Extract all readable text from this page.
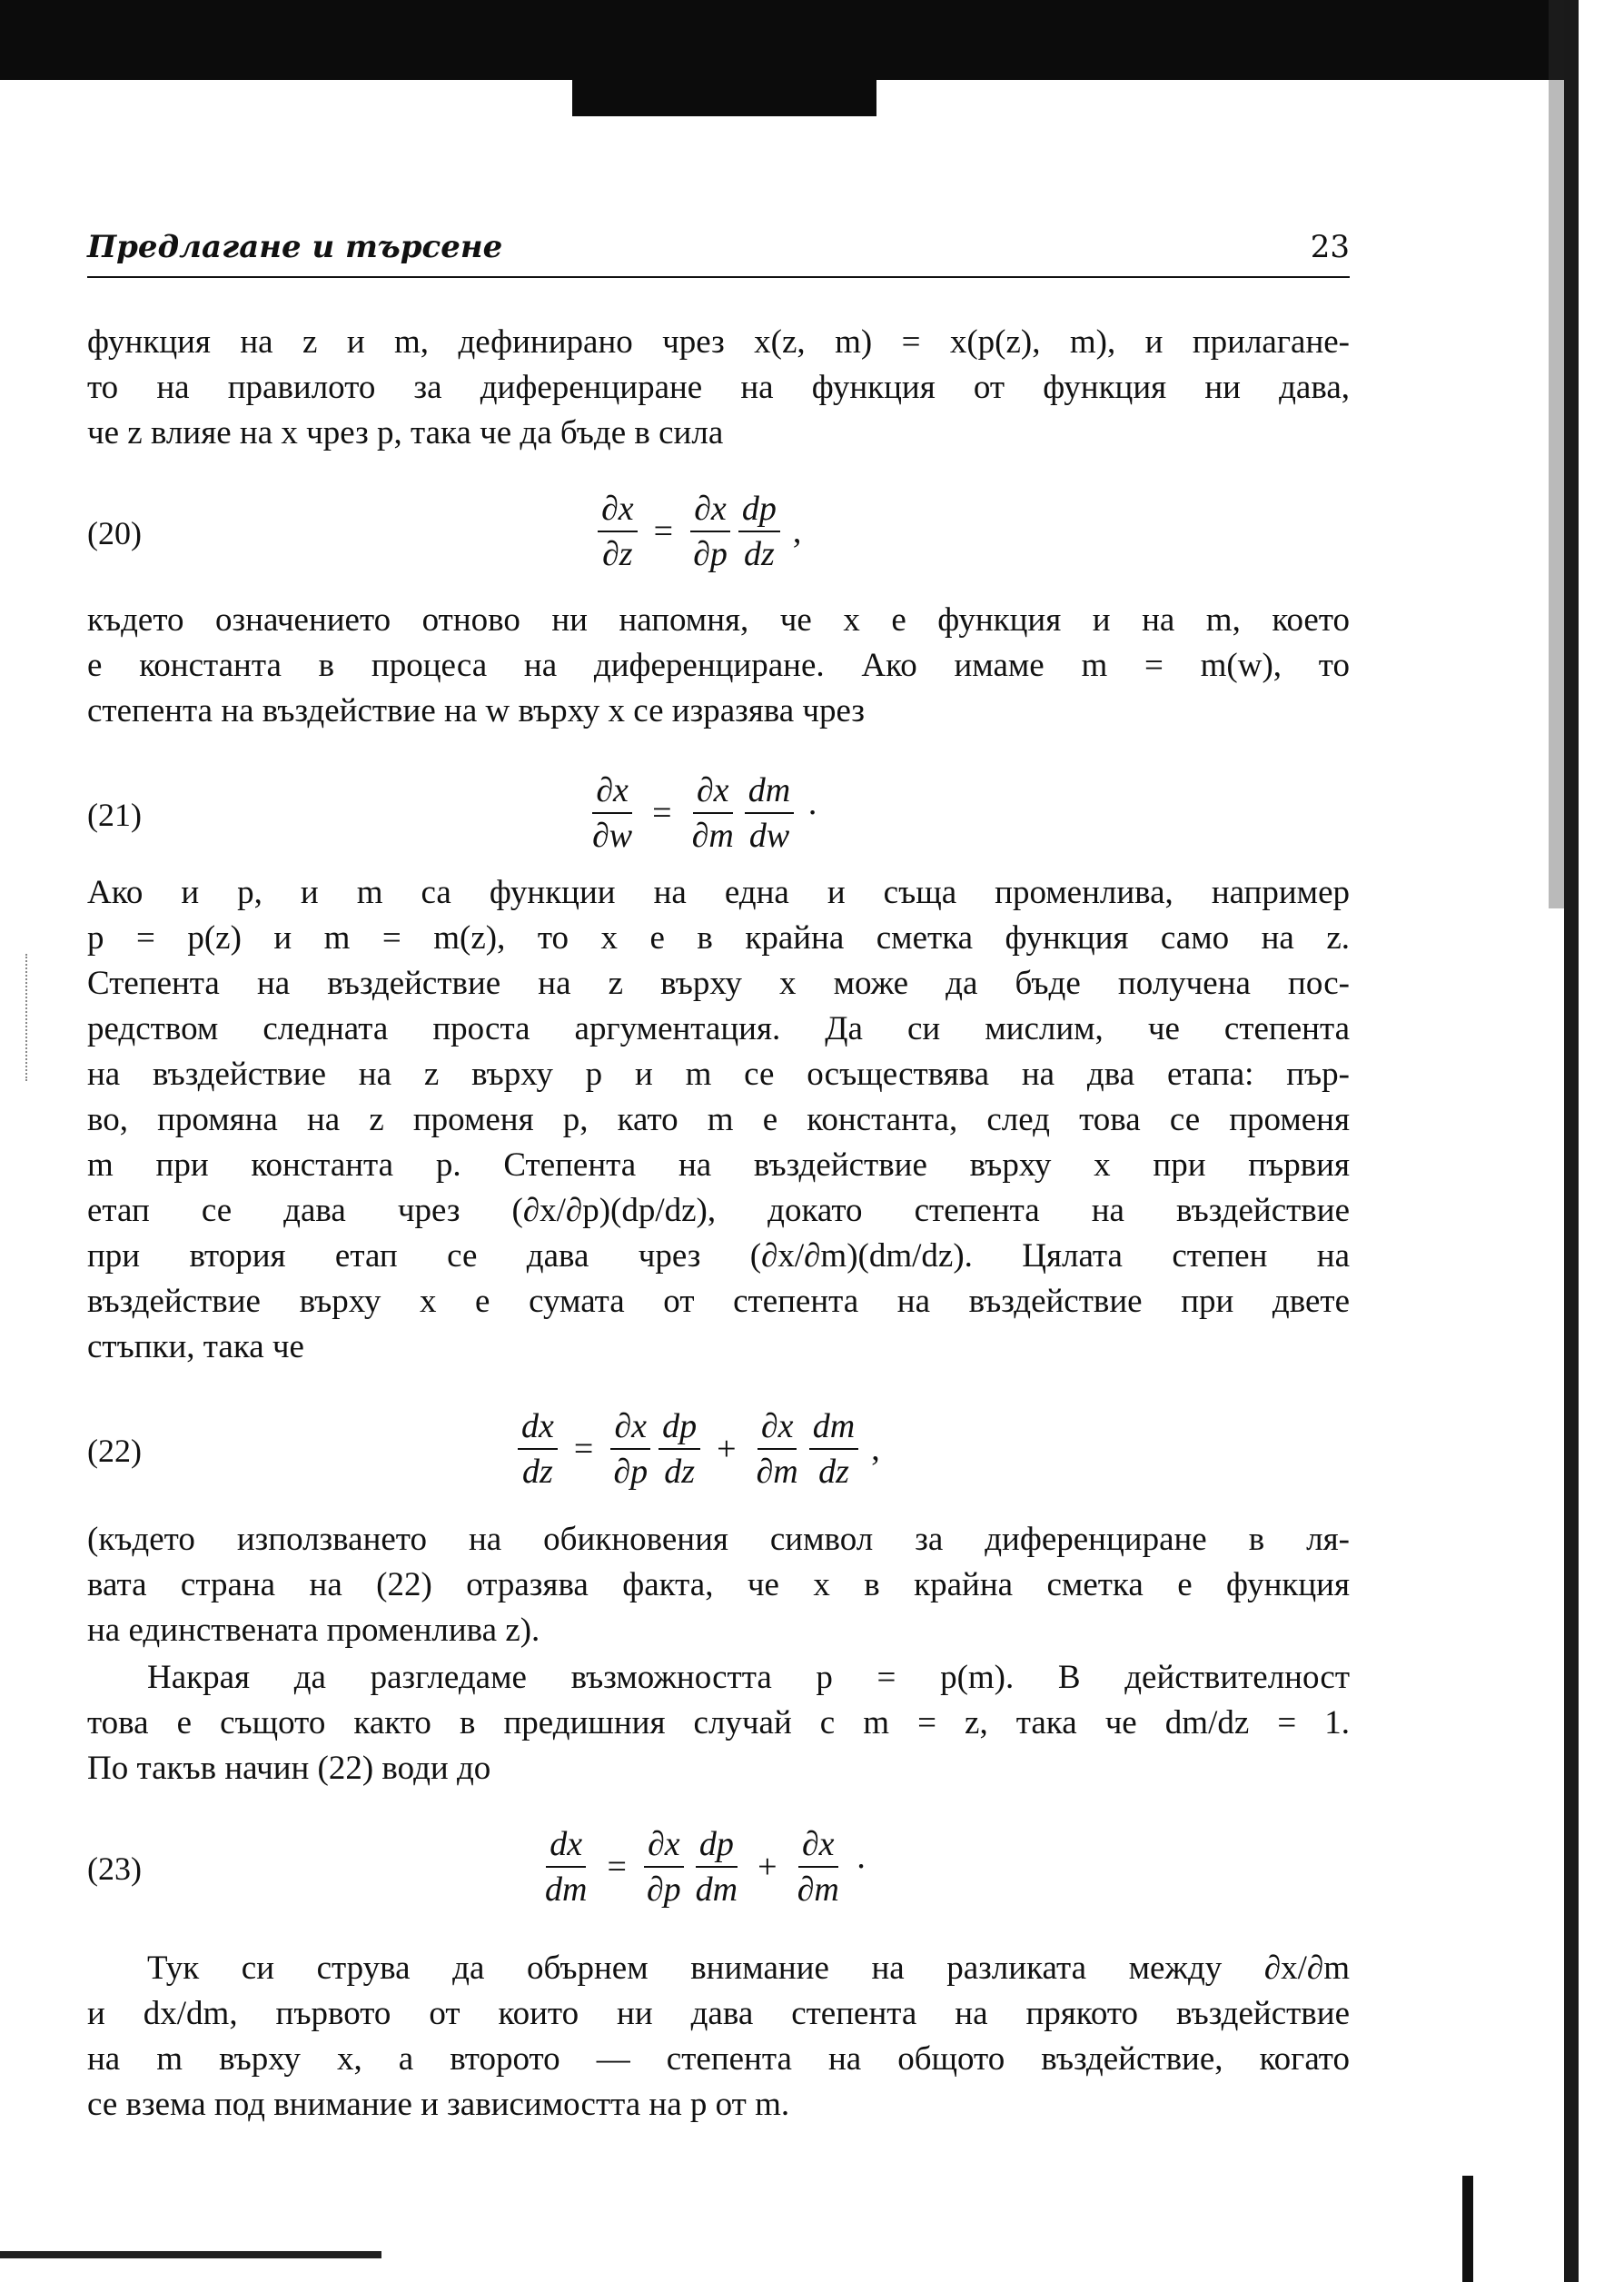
Предлагане и търсене	23
функция на z и m, дефинирано чрез x(z, m) = x(p(z), m), и прилагане-
то на правилото за диференциране на функция от функция ни дава,
че z влияе на x чрез p, така че да бъде в сила
(20)	$\frac{\partial x}{\partial z} = \frac{\partial x}{\partial p} \frac{dp}{dz}$ ,
където означението отново ни напомня, че x е функция и на m, което
е константа в процеса на диференциране. Ако имаме m = m(w), то
степента на въздействие на w върху x се изразява чрез
(21)	$\frac{\partial x}{\partial w} = \frac{\partial x}{\partial m} \frac{dm}{dw}$ ·
Ако и p, и m са функции на една и съща променлива, например
p = p(z) и m = m(z), то x е в крайна сметка функция само на z.
Степента на въздействие на z върху x може да бъде получена пос-
редством следната проста аргументация. Да си мислим, че степента
на въздействие на z върху p и m се осъществява на два етапа: пър-
во, промяна на z променя p, като m е константа, след това се променя
m при константа p. Степента на въздействие върху x при първия
етап се дава чрез (∂x/∂p)(dp/dz), докато степента на въздействие
при втория етап се дава чрез (∂x/∂m)(dm/dz). Цялата степен на
въздействие върху x е сумата от степента на въздействие при двете
стъпки, така че
(22)	$\frac{dx}{dz} = \frac{\partial x}{\partial p} \frac{dp}{dz} + \frac{\partial x}{\partial m} \frac{dm}{dz}$ ,
(където използването на обикновения символ за диференциране в ля-
вата страна на (22) отразява факта, че x в крайна сметка е функция
на единствената променлива z).
Накрая да разгледаме възможността p = p(m). В действителност
това е същото както в предишния случай с m = z, така че dm/dz = 1.
По такъв начин (22) води до
(23)	$\frac{dx}{dm} = \frac{\partial x}{\partial p} \frac{dp}{dm} + \frac{\partial x}{\partial m}$ ·
Тук си струва да обърнем внимание на разликата между ∂x/∂m
и dx/dm, първото от които ни дава степента на прякото въздействие
на m върху x, а второто — степента на общото въздействие, когато
се взема под внимание и зависимостта на p от m.
